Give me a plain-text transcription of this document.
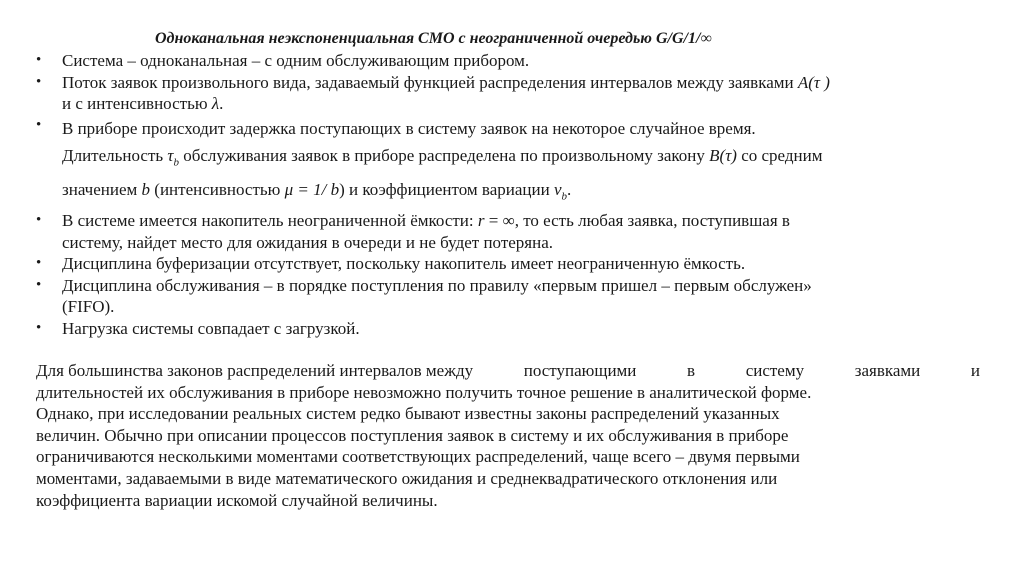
Одноканальная неэкспоненциальная СМО с неограниченной очередью G/G/1/∞
•	Система – одноканальная – с одним обслуживающим прибором.
•	Поток заявок произвольного вида, задаваемый функцией распределения интервалов между заявками A(τ )
и с интенсивностью λ.
•	В приборе происходит задержка поступающих в систему заявок на некоторое случайное время.
Длительность $\tau_b$ обслуживания заявок в приборе распределена по произвольному закону B(τ) со средним
значением b (интенсивностью μ = 1/ b) и коэффициентом вариации $v_b$.
•	В системе имеется накопитель неограниченной ёмкости: r = ∞, то есть любая заявка, поступившая в
систему, найдет место для ожидания в очереди и не будет потеряна.
•	Дисциплина буферизации отсутствует, поскольку накопитель имеет неограниченную ёмкость.
•	Дисциплина обслуживания – в порядке поступления по правилу «первым пришел – первым обслужен»
(FIFO).
•	Нагрузка системы совпадает с загрузкой.
Для большинства законов распределений интервалов между	поступающими	в	систему	заявками	и
длительностей их обслуживания в приборе невозможно получить точное решение в аналитической форме.
Однако, при исследовании реальных систем редко бывают известны законы распределений указанных
величин. Обычно при описании процессов поступления заявок в систему и их обслуживания в приборе
ограничиваются несколькими моментами соответствующих распределений, чаще всего – двумя первыми
моментами, задаваемыми в виде математического ожидания и среднеквадратического отклонения или
коэффициента вариации искомой случайной величины.
